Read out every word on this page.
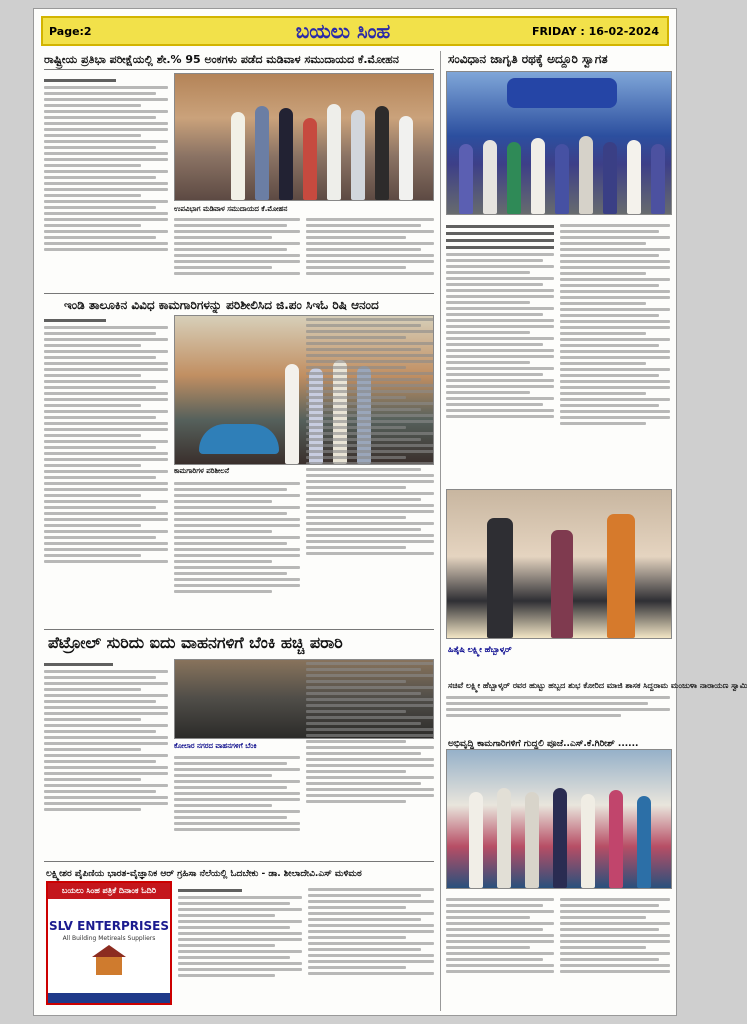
Page:2	ಬಯಲು ಸಿಂಹ	FRIDAY : 16-02-2024
ರಾಷ್ಟ್ರೀಯ ಪ್ರತಿಭಾ ಪರೀಕ್ಷೆಯಲ್ಲಿ ಶೇ.% 95 ಅಂಕಗಳು ಪಡೆದ ಮಡಿವಾಳ ಸಮುದಾಯದ ಕೆ.ಮೋಹನ
ಉಪವಿಭಾಗ ಮಡಿವಾಳ ಸಮುದಾಯದ ಕೆ.ಮೋಹನ
ಇಂಡಿ ತಾಲೂಕಿನ ವಿವಿಧ ಕಾಮಗಾರಿಗಳನ್ನು ಪರಿಶೀಲಿಸಿದ ಜಿ.ಪಂ ಸಿಇಓ ರಿಷಿ ಆನಂದ
ಕಾಮಗಾರಿಗಳ ಪರಿಶೀಲನೆ
ಪೆಟ್ರೋಲ್ ಸುರಿದು ಐದು ವಾಹನಗಳಿಗೆ ಬೆಂಕಿ ಹಚ್ಚಿ ಪರಾರಿ
ಕೋಲಾರ ನಗರದ ವಾಹನಗಳಿಗೆ ಬೆಂಕಿ
ಲಕ್ಷ್ಮೀಶರ ಪೈಪಿಣಿಯ ಭಾರತ-ವೈಜ್ಞಾನಿಕ ಆರ್ ಗ್ರಹಿಸಾ ನೆಲೆಯಲ್ಲಿ ಓದಬೇಕು - ಡಾ. ಶೀಲಾದೇವಿ.ಎಸ್ ಮಳಿಮಠ
ಬಯಲು ಸಿಂಹ ಪತ್ರಿಕೆ ದಿನಾಂಕ ಓದಿರಿ
SLV ENTERPRISES
All Building Metireals Suppliers
ಸಂವಿಧಾನ ಜಾಗೃತಿ ರಥಕ್ಕೆ ಅದ್ದೂರಿ ಸ್ವಾಗತ
ಹಿತೈಷಿ ಲಕ್ಷ್ಮೀ ಹೆಬ್ಬಾಳ್ಕರ್
ಸಚಿವೆ ಲಕ್ಷ್ಮೀ ಹೆಬ್ಬಾಳ್ಕರ್ ರವರ ಹುಟ್ಟು ಹಬ್ಬದ ಶುಭ ಕೋರಿದ ಮಾಜಿ ಶಾಸಕ ಸಿದ್ದರಾಮ ಮಂಜುಳಾ ನಾರಾಯಣ ಸ್ವಾಮಿ
ಅಭಿವೃದ್ಧಿ ಕಾಮಗಾರಿಗಳಿಗೆ ಗುದ್ದಲಿ ಪೂಜೆ..ಎಸ್.ಕೆ.ಗಿರೀಶ್ ......
